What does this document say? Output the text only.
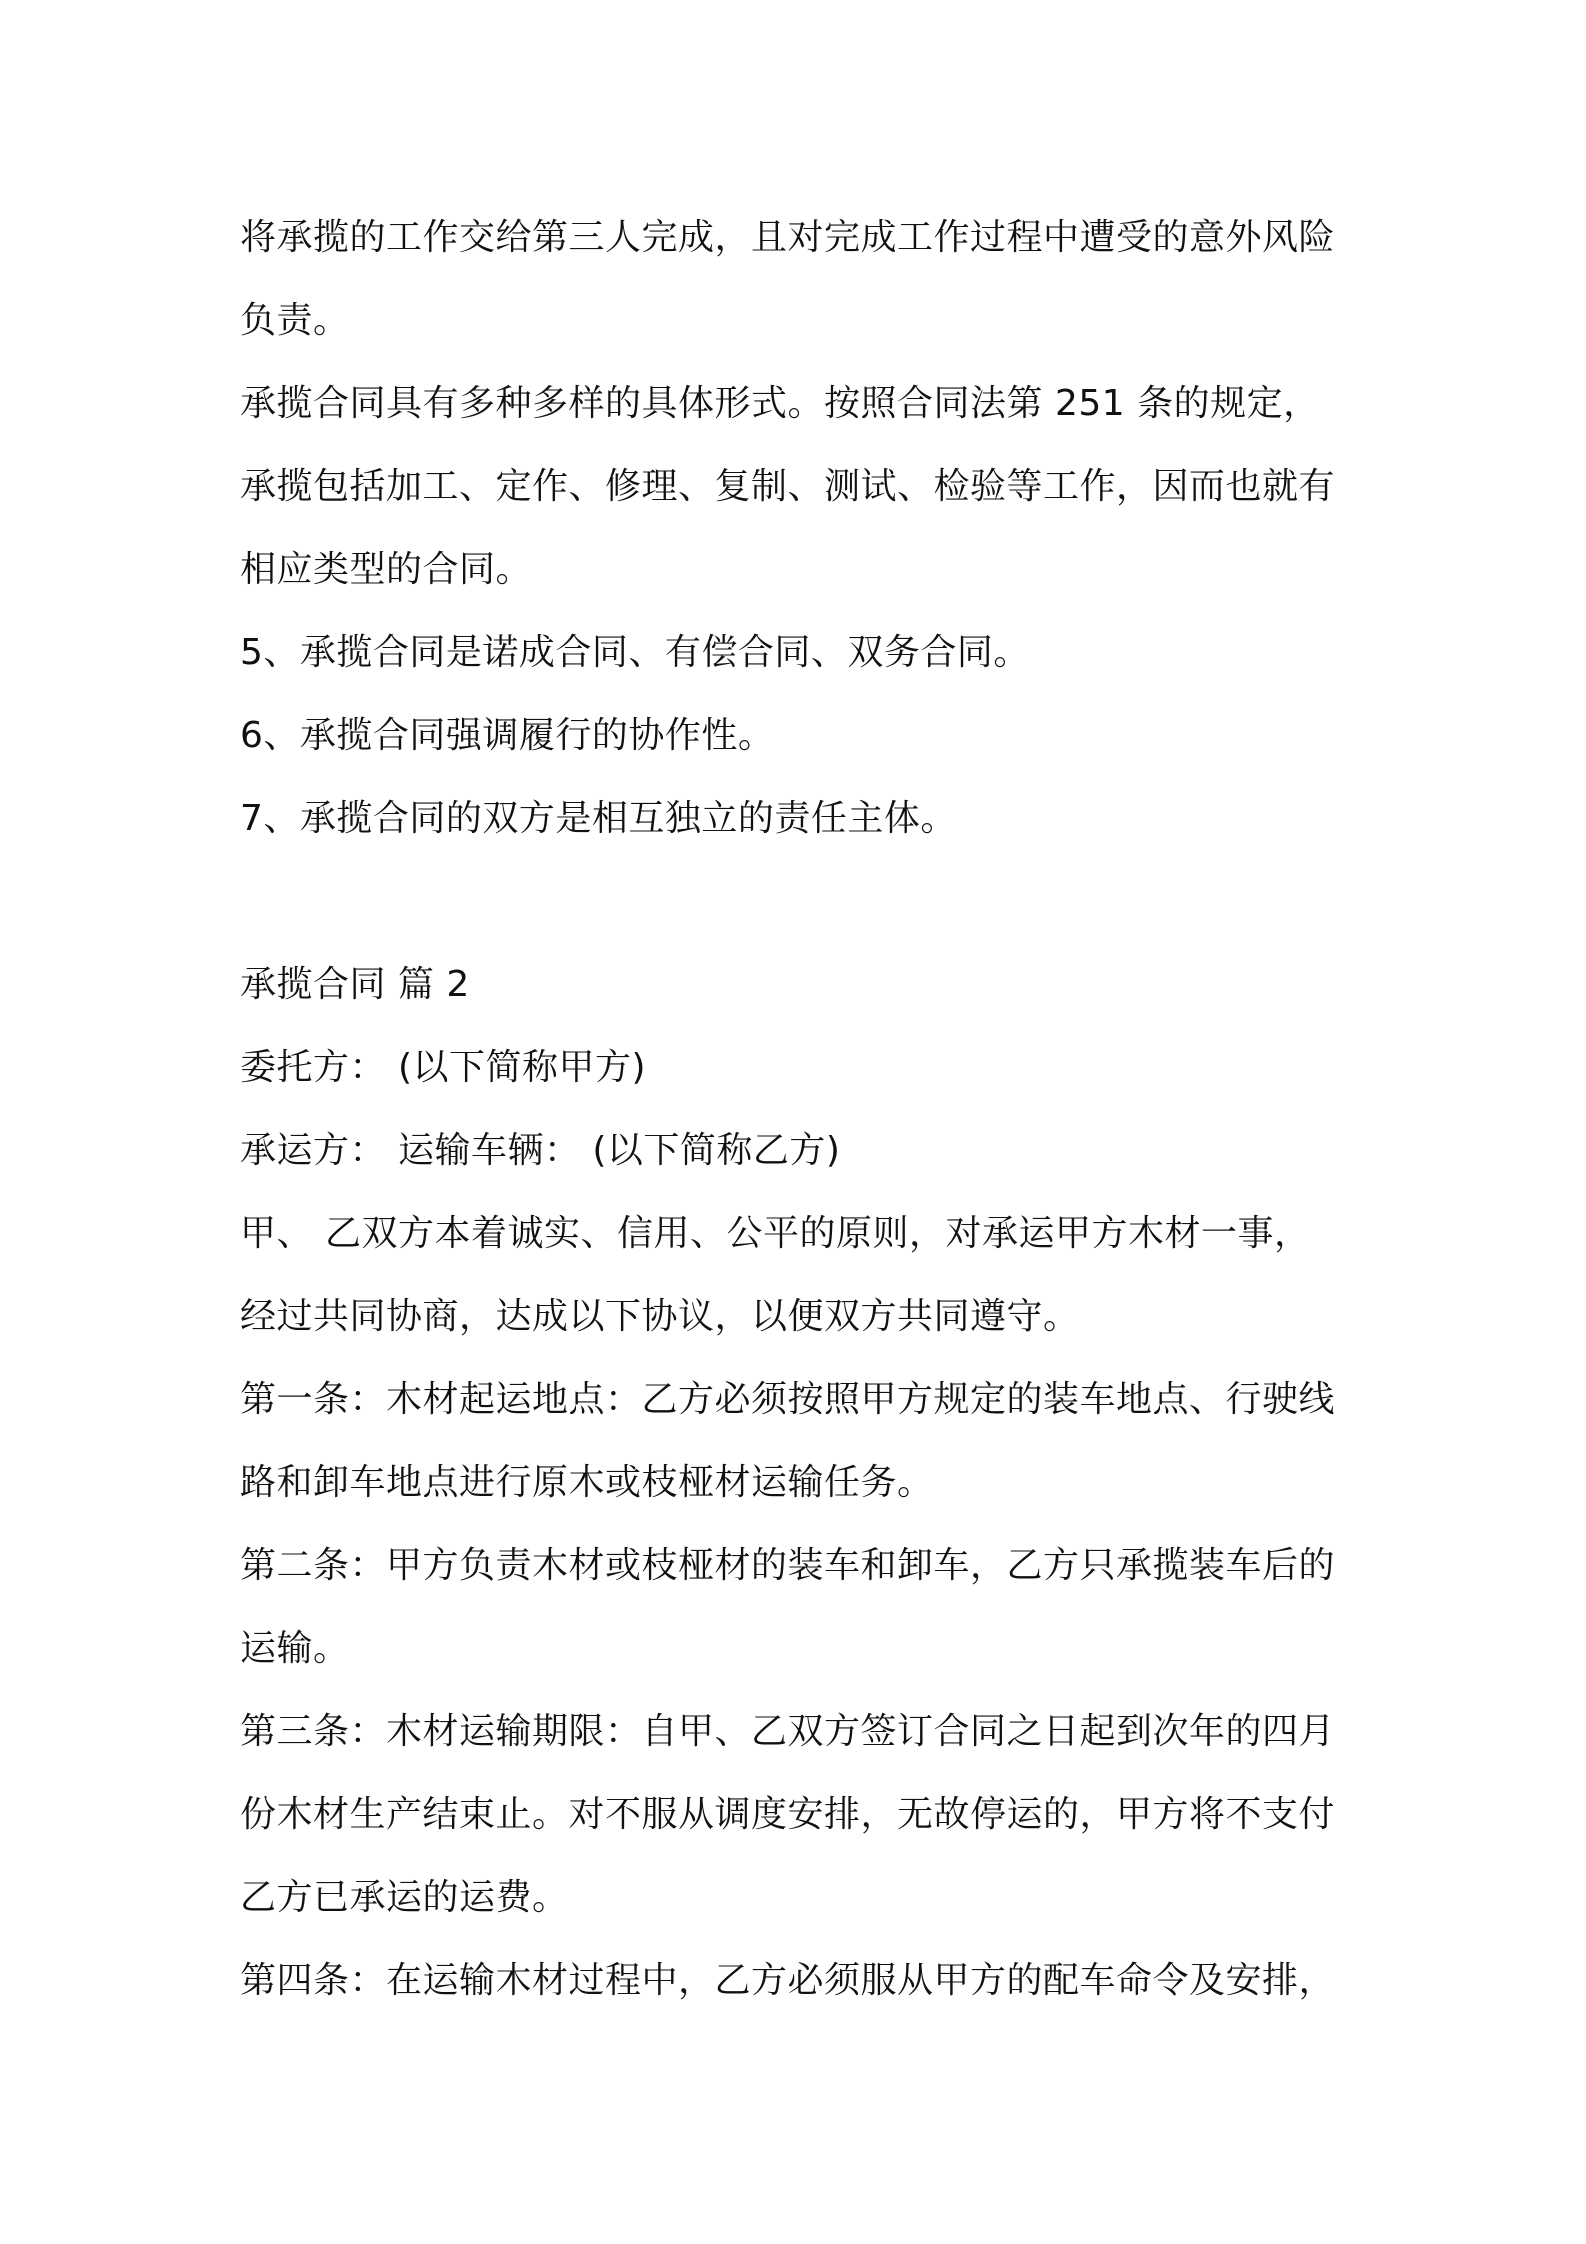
将承揽的工作交给第三人完成，且对完成工作过程中遭受的意外风险
负责。
承揽合同具有多种多样的具体形式。按照合同法第 251 条的规定，
承揽包括加工、定作、修理、复制、测试、检验等工作，因而也就有
相应类型的合同。
5、承揽合同是诺成合同、有偿合同、双务合同。
6、承揽合同强调履行的协作性。
7、承揽合同的双方是相互独立的责任主体。
承揽合同 篇 2
委托方： (以下简称甲方)
承运方： 运输车辆： (以下简称乙方)
甲、 乙双方本着诚实、信用、公平的原则，对承运甲方木材一事，
经过共同协商，达成以下协议，以便双方共同遵守。
第一条：木材起运地点：乙方必须按照甲方规定的装车地点、行驶线
路和卸车地点进行原木或枝桠材运输任务。
第二条：甲方负责木材或枝桠材的装车和卸车，乙方只承揽装车后的
运输。
第三条：木材运输期限：自甲、乙双方签订合同之日起到次年的四月
份木材生产结束止。对不服从调度安排，无故停运的，甲方将不支付
乙方已承运的运费。
第四条：在运输木材过程中，乙方必须服从甲方的配车命令及安排，
